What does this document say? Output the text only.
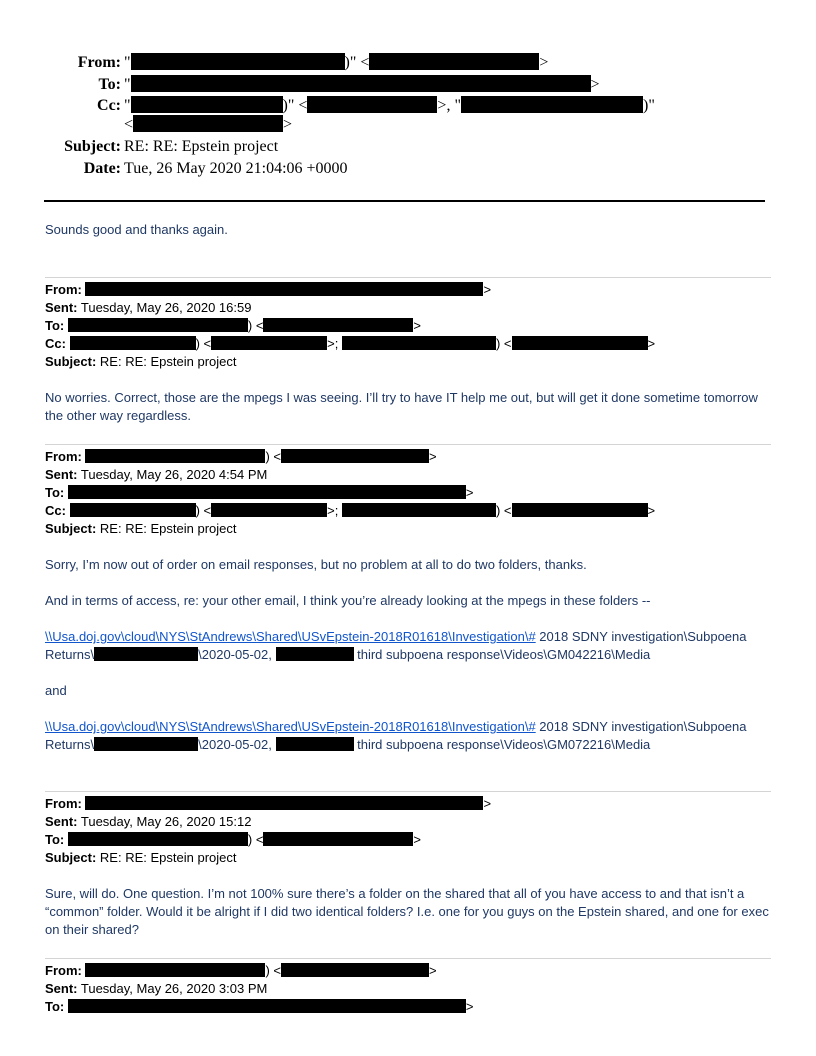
From: "	)" <	>
To: "	>
Cc: "	)" <	>, "	)"
<	>
Subject: RE: RE: Epstein project
Date: Tue, 26 May 2020 21:04:06 +0000
Sounds good and thanks again.
From:	>
Sent: Tuesday, May 26, 2020 16:59
To:	) <	>
Cc:	) <	>;	) <	>
Subject: RE: RE: Epstein project
No worries. Correct, those are the mpegs I was seeing. I’ll try to have IT help me out, but will get it done sometime tomorrow the other way regardless.
From:	) <	>
Sent: Tuesday, May 26, 2020 4:54 PM
To:	>
Cc:	) <	>;	) <	>
Subject: RE: RE: Epstein project
Sorry, I’m now out of order on email responses, but no problem at all to do two folders, thanks.
And in terms of access, re: your other email, I think you’re already looking at the mpegs in these folders --
\\Usa.doj.gov\cloud\NYS\StAndrews\Shared\USvEpstein-2018R01618\Investigation\# 2018 SDNY investigation\Subpoena
Returns\	\2020-05-02,	third subpoena response\Videos\GM042216\Media
and
\\Usa.doj.gov\cloud\NYS\StAndrews\Shared\USvEpstein-2018R01618\Investigation\# 2018 SDNY investigation\Subpoena
Returns\	\2020-05-02,	third subpoena response\Videos\GM072216\Media
From:	>
Sent: Tuesday, May 26, 2020 15:12
To:	) <	>
Subject: RE: RE: Epstein project
Sure, will do. One question. I’m not 100% sure there’s a folder on the shared that all of you have access to and that isn’t a “common” folder. Would it be alright if I did two identical folders? I.e. one for you guys on the Epstein shared, and one for exec on their shared?
From:	) <	>
Sent: Tuesday, May 26, 2020 3:03 PM
To:	>
